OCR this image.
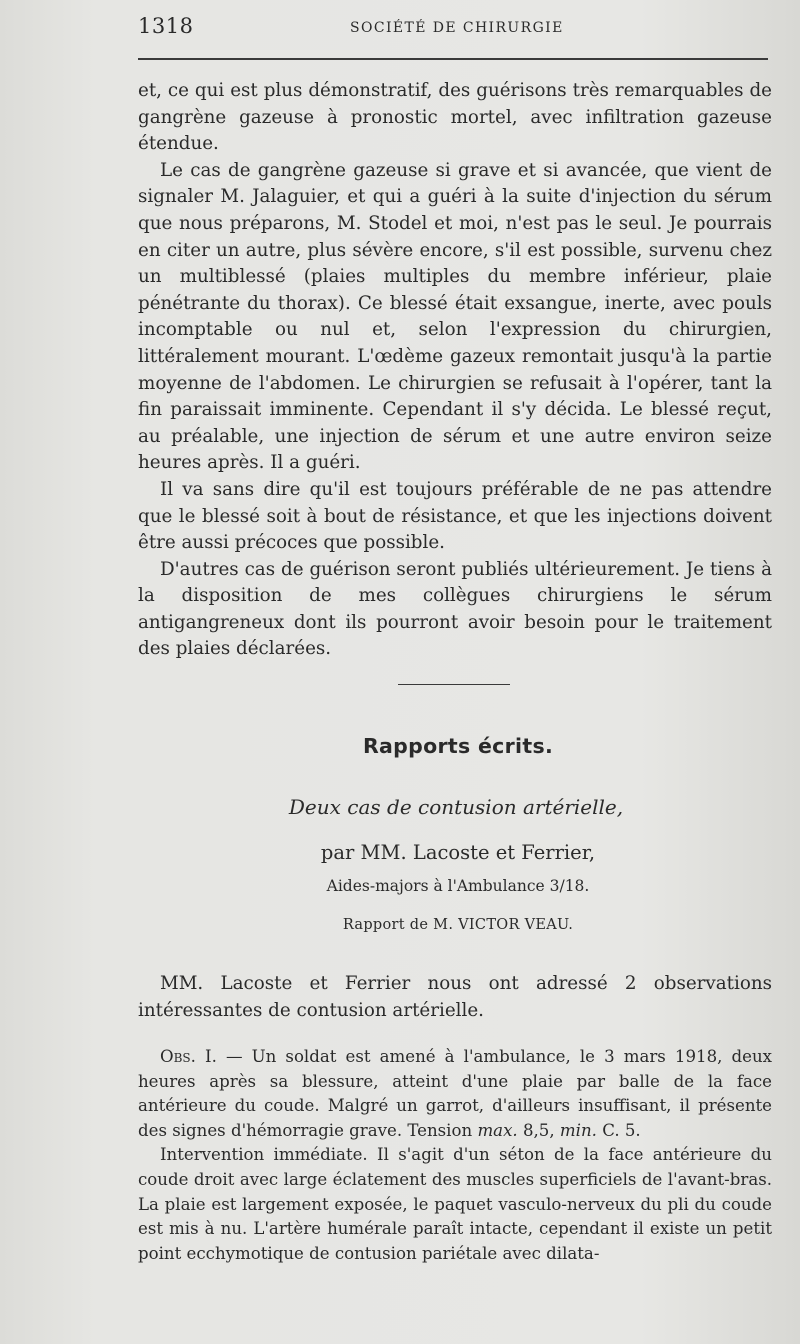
1318	SOCIÉTÉ DE CHIRURGIE

et, ce qui est plus démonstratif, des guérisons très remarquables de gangrène gazeuse à pronostic mortel, avec infiltration gazeuse étendue.

Le cas de gangrène gazeuse si grave et si avancée, que vient de signaler M. Jalaguier, et qui a guéri à la suite d'injection du sérum que nous préparons, M. Stodel et moi, n'est pas le seul. Je pourrais en citer un autre, plus sévère encore, s'il est possible, survenu chez un multiblessé (plaies multiples du membre inférieur, plaie pénétrante du thorax). Ce blessé était exsangue, inerte, avec pouls incomptable ou nul et, selon l'expression du chirurgien, littéralement mourant. L'œdème gazeux remontait jusqu'à la partie moyenne de l'abdomen. Le chirurgien se refusait à l'opérer, tant la fin paraissait imminente. Cependant il s'y décida. Le blessé reçut, au préalable, une injection de sérum et une autre environ seize heures après. Il a guéri.

Il va sans dire qu'il est toujours préférable de ne pas attendre que le blessé soit à bout de résistance, et que les injections doivent être aussi précoces que possible.

D'autres cas de guérison seront publiés ultérieurement. Je tiens à la disposition de mes collègues chirurgiens le sérum antigangreneux dont ils pourront avoir besoin pour le traitement des plaies déclarées.

Rapports écrits.
Deux cas de contusion artérielle,
par MM. Lacoste et Ferrier,
Aides-majors à l'Ambulance 3/18.
Rapport de M. VICTOR VEAU.

MM. Lacoste et Ferrier nous ont adressé 2 observations intéressantes de contusion artérielle.

Obs. I. — Un soldat est amené à l'ambulance, le 3 mars 1918, deux heures après sa blessure, atteint d'une plaie par balle de la face antérieure du coude. Malgré un garrot, d'ailleurs insuffisant, il présente des signes d'hémorragie grave. Tension max. 8,5, min. C. 5.

Intervention immédiate. Il s'agit d'un séton de la face antérieure du coude droit avec large éclatement des muscles superficiels de l'avant-bras. La plaie est largement exposée, le paquet vasculo-nerveux du pli du coude est mis à nu. L'artère humérale paraît intacte, cependant il existe un petit point ecchymotique de contusion pariétale avec dilata-
